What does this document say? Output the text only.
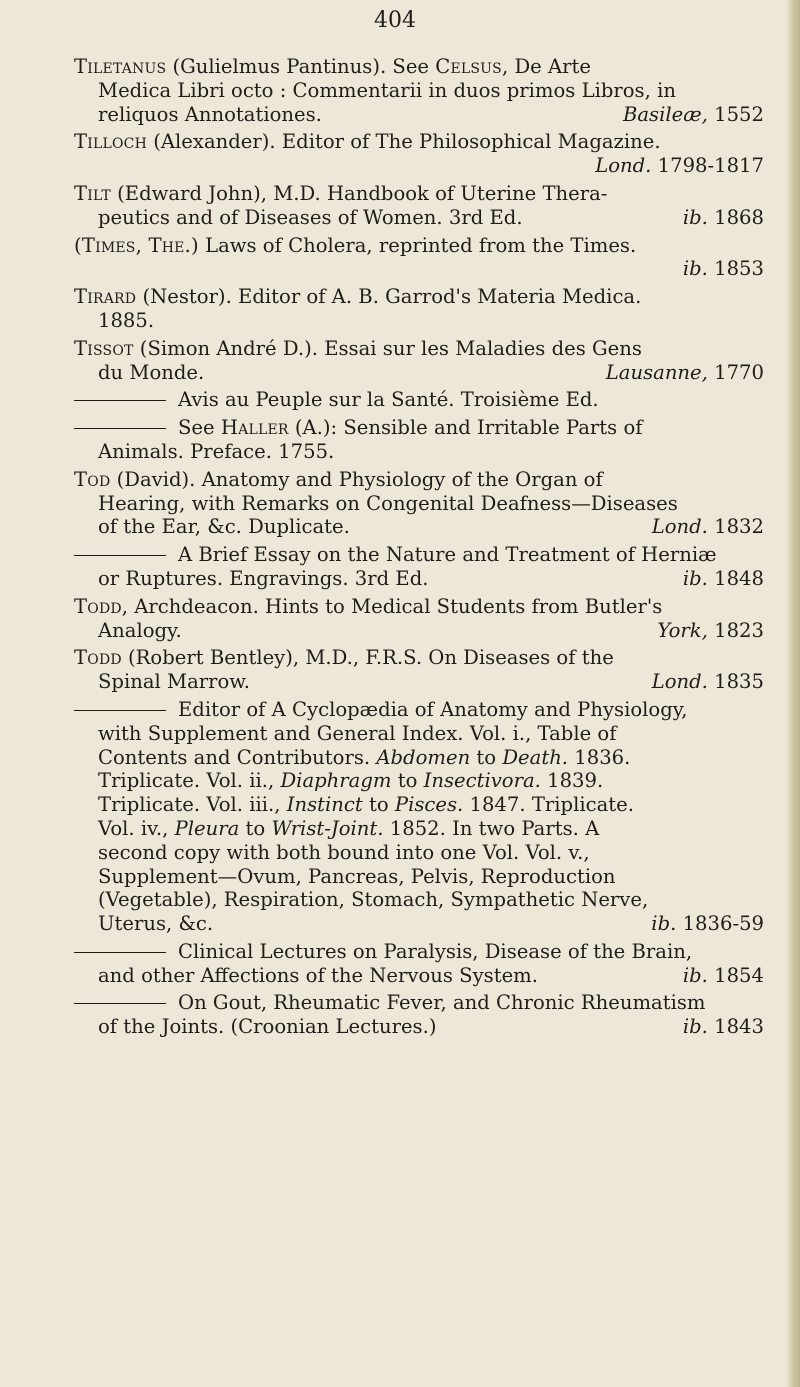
404
Tiletanus (Gulielmus Pantinus). See Celsus, De Arte
Medica Libri octo : Commentarii in duos primos Libros, in
reliquos Annotationes.	Basileæ, 1552
Tilloch (Alexander). Editor of The Philosophical Magazine.
Lond. 1798-1817
Tilt (Edward John), M.D. Handbook of Uterine Thera-
peutics and of Diseases of Women. 3rd Ed.	ib. 1868
(Times, The.) Laws of Cholera, reprinted from the Times.
ib. 1853
Tirard (Nestor). Editor of A. B. Garrod's Materia Medica.
1885.
Tissot (Simon André D.). Essai sur les Maladies des Gens
du Monde.	Lausanne, 1770
Avis au Peuple sur la Santé. Troisième Ed.
See Haller (A.): Sensible and Irritable Parts of
Animals. Preface. 1755.
Tod (David). Anatomy and Physiology of the Organ of
Hearing, with Remarks on Congenital Deafness—Diseases
of the Ear, &c. Duplicate.	Lond. 1832
A Brief Essay on the Nature and Treatment of Herniæ
or Ruptures. Engravings. 3rd Ed.	ib. 1848
Todd, Archdeacon. Hints to Medical Students from Butler's
Analogy.	York, 1823
Todd (Robert Bentley), M.D., F.R.S. On Diseases of the
Spinal Marrow.	Lond. 1835
Editor of A Cyclopædia of Anatomy and Physiology,
with Supplement and General Index. Vol. i., Table of
Contents and Contributors. Abdomen to Death. 1836.
Triplicate. Vol. ii., Diaphragm to Insectivora. 1839.
Triplicate. Vol. iii., Instinct to Pisces. 1847. Triplicate.
Vol. iv., Pleura to Wrist-Joint. 1852. In two Parts. A
second copy with both bound into one Vol. Vol. v.,
Supplement—Ovum, Pancreas, Pelvis, Reproduction
(Vegetable), Respiration, Stomach, Sympathetic Nerve,
Uterus, &c.	ib. 1836-59
Clinical Lectures on Paralysis, Disease of the Brain,
and other Affections of the Nervous System.	ib. 1854
On Gout, Rheumatic Fever, and Chronic Rheumatism
of the Joints. (Croonian Lectures.)	ib. 1843
